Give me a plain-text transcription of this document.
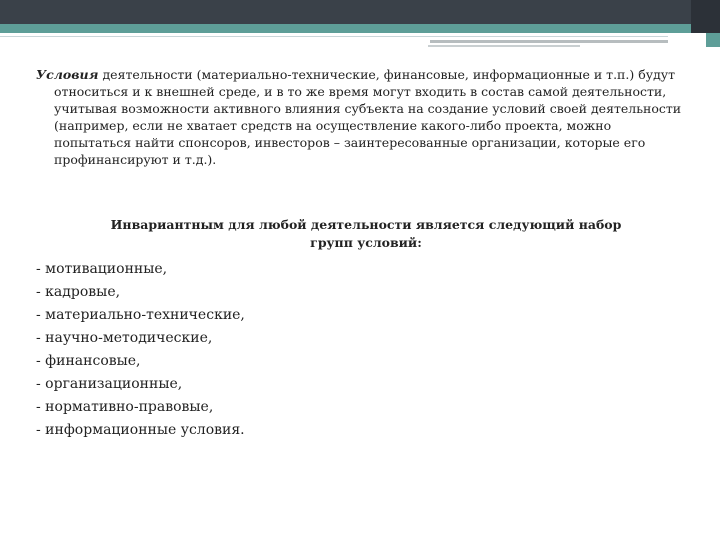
Условия деятельности (материально-технические, финансовые, информационные и т.п.) будут относиться и к внешней среде, и в то же время могут входить в состав самой деятельности, учитывая возможности активного влияния субъекта на создание условий своей деятельности (например, если не хватает средств на осуществление какого-либо проекта, можно попытаться найти спонсоров, инвесторов – заинтересованные организации, которые его профинансируют и т.д.).

Инвариантным для любой деятельности является следующий набор групп условий:

- мотивационные,
- кадровые,
- материально-технические,
- научно-методические,
- финансовые,
- организационные,
- нормативно-правовые,
- информационные условия.
